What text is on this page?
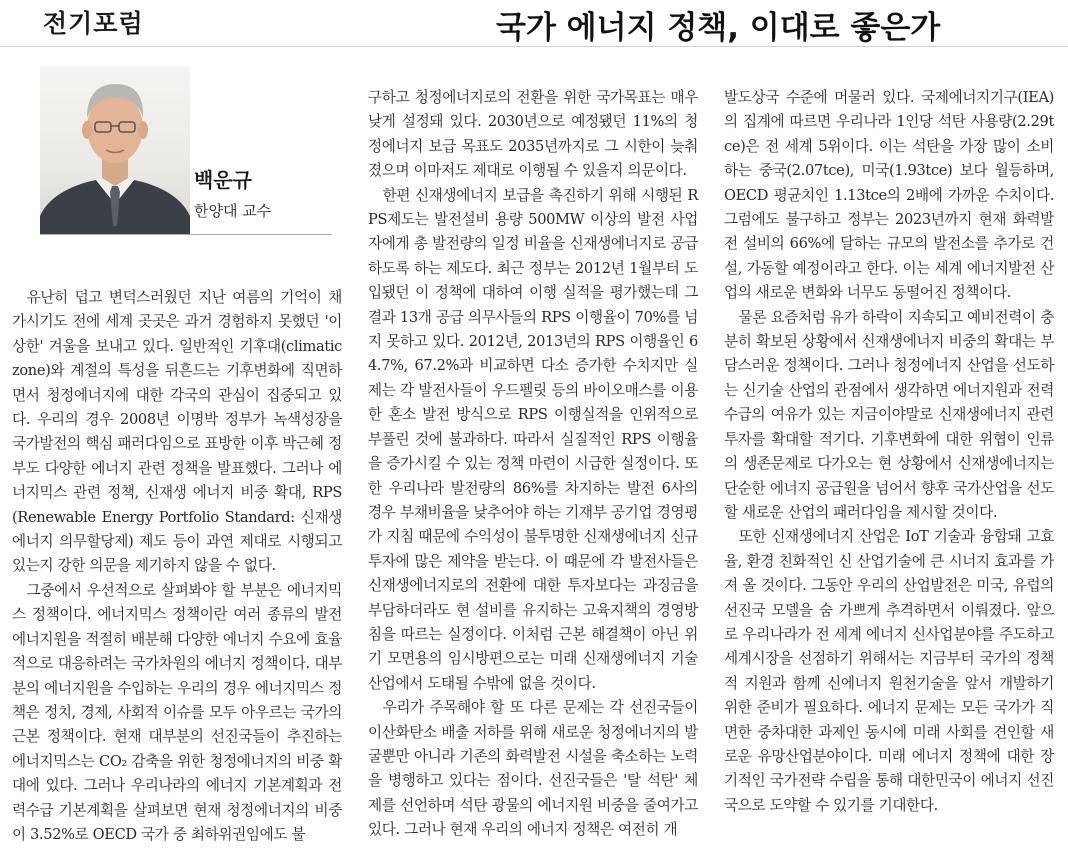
전기포럼	국가 에너지 정책, 이대로 좋은가
백운규
한양대 교수

유난히 덥고 변덕스러웠던 지난 여름의 기억이 채 가시기도 전에 세계 곳곳은 과거 경험하지 못했던 '이상한' 겨울을 보내고 있다. 일반적인 기후대(climatic zone)와 계절의 특성을 뒤흔드는 기후변화에 직면하면서 청정에너지에 대한 각국의 관심이 집중되고 있다. 우리의 경우 2008년 이명박 정부가 녹색성장을 국가발전의 핵심 패러다임으로 표방한 이후 박근혜 정부도 다양한 에너지 관련 정책을 발표했다. 그러나 에너지믹스 관련 정책, 신재생 에너지 비중 확대, RPS (Renewable Energy Portfolio Standard: 신재생에너지 의무할당제) 제도 등이 과연 제대로 시행되고 있는지 강한 의문을 제기하지 않을 수 없다.

그중에서 우선적으로 살펴봐야 할 부분은 에너지믹스 정책이다. 에너지믹스 정책이란 여러 종류의 발전 에너지원을 적절히 배분해 다양한 에너지 수요에 효율적으로 대응하려는 국가차원의 에너지 정책이다. 대부분의 에너지원을 수입하는 우리의 경우 에너지믹스 정책은 정치, 경제, 사회적 이슈를 모두 아우르는 국가의 근본 정책이다. 현재 대부분의 선진국들이 추진하는 에너지믹스는 CO₂ 감축을 위한 청정에너지의 비중 확대에 있다. 그러나 우리나라의 에너지 기본계획과 전력수급 기본계획을 살펴보면 현재 청정에너지의 비중이 3.52%로 OECD 국가 중 최하위권임에도 불

구하고 청정에너지로의 전환을 위한 국가목표는 매우 낮게 설정돼 있다. 2030년으로 예정됐던 11%의 청정에너지 보급 목표도 2035년까지로 그 시한이 늦춰졌으며 이마저도 제대로 이행될 수 있을지 의문이다.

한편 신재생에너지 보급을 촉진하기 위해 시행된 RPS제도는 발전설비 용량 500MW 이상의 발전 사업자에게 총 발전량의 일정 비율을 신재생에너지로 공급하도록 하는 제도다. 최근 정부는 2012년 1월부터 도입됐던 이 정책에 대하여 이행 실적을 평가했는데 그 결과 13개 공급 의무사들의 RPS 이행율이 70%를 넘지 못하고 있다. 2012년, 2013년의 RPS 이행율인 64.7%, 67.2%과 비교하면 다소 증가한 수치지만 실제는 각 발전사들이 우드펠릿 등의 바이오매스를 이용한 혼소 발전 방식으로 RPS 이행실적을 인위적으로 부풀린 것에 불과하다. 따라서 실질적인 RPS 이행율을 증가시킬 수 있는 정책 마련이 시급한 실정이다. 또한 우리나라 발전량의 86%를 차지하는 발전 6사의 경우 부채비율을 낮추어야 하는 기재부 공기업 경영평가 지침 때문에 수익성이 불투명한 신재생에너지 신규투자에 많은 제약을 받는다. 이 때문에 각 발전사들은 신재생에너지로의 전환에 대한 투자보다는 과징금을 부담하더라도 현 설비를 유지하는 고육지책의 경영방침을 따르는 실정이다. 이처럼 근본 해결책이 아닌 위기 모면용의 임시방편으로는 미래 신재생에너지 기술 산업에서 도태될 수밖에 없을 것이다.

우리가 주목해야 할 또 다른 문제는 각 선진국들이 이산화탄소 배출 저하를 위해 새로운 청정에너지의 발굴뿐만 아니라 기존의 화력발전 시설을 축소하는 노력을 병행하고 있다는 점이다. 선진국들은 '탈 석탄' 체제를 선언하며 석탄 광물의 에너지원 비중을 줄여가고 있다. 그러나 현재 우리의 에너지 정책은 여전히 개

발도상국 수준에 머물러 있다. 국제에너지기구(IEA)의 집계에 따르면 우리나라 1인당 석탄 사용량(2.29tce)은 전 세계 5위이다. 이는 석탄을 가장 많이 소비하는 중국(2.07tce), 미국(1.93tce) 보다 월등하며, OECD 평균치인 1.13tce의 2배에 가까운 수치이다. 그럼에도 불구하고 정부는 2023년까지 현재 화력발전 설비의 66%에 달하는 규모의 발전소를 추가로 건설, 가동할 예정이라고 한다. 이는 세계 에너지발전 산업의 새로운 변화와 너무도 동떨어진 정책이다.

물론 요즘처럼 유가 하락이 지속되고 예비전력이 충분히 확보된 상황에서 신재생에너지 비중의 확대는 부담스러운 정책이다. 그러나 청정에너지 산업을 선도하는 신기술 산업의 관점에서 생각하면 에너지원과 전력 수급의 여유가 있는 지금이야말로 신재생에너지 관련 투자를 확대할 적기다. 기후변화에 대한 위협이 인류의 생존문제로 다가오는 현 상황에서 신재생에너지는 단순한 에너지 공급원을 넘어서 향후 국가산업을 선도할 새로운 산업의 패러다임을 제시할 것이다.

또한 신재생에너지 산업은 IoT 기술과 융합돼 고효율, 환경 친화적인 신 산업기술에 큰 시너지 효과를 가져 올 것이다. 그동안 우리의 산업발전은 미국, 유럽의 선진국 모델을 숨 가쁘게 추격하면서 이뤄졌다. 앞으로 우리나라가 전 세계 에너지 신사업분야를 주도하고 세계시장을 선점하기 위해서는 지금부터 국가의 정책적 지원과 함께 신에너지 원천기술을 앞서 개발하기 위한 준비가 필요하다. 에너지 문제는 모든 국가가 직면한 중차대한 과제인 동시에 미래 사회를 견인할 새로운 유망산업분야이다. 미래 에너지 정책에 대한 장기적인 국가전략 수립을 통해 대한민국이 에너지 선진국으로 도약할 수 있기를 기대한다.
